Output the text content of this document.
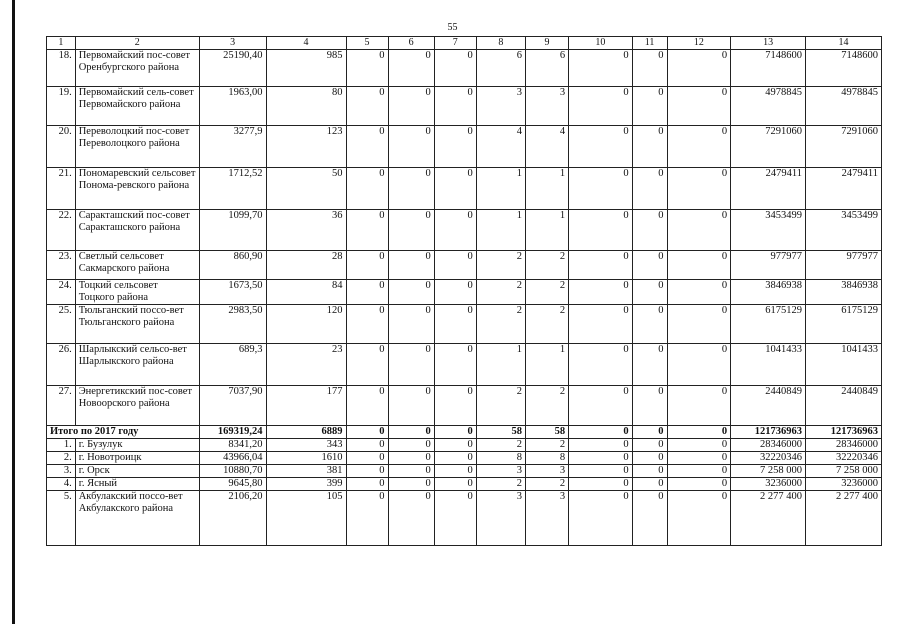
55
1	2	3	4	5	6	7	8	9	10	11	12	13	14
18.	Первомайский пос-совет Оренбургского района	25190,40	985	0	0	0	6	6	0	0	0	7148600	7148600
19.	Первомайский сель-совет Первомайского района	1963,00	80	0	0	0	3	3	0	0	0	4978845	4978845
20.	Переволоцкий пос-совет Переволоцкого района	3277,9	123	0	0	0	4	4	0	0	0	7291060	7291060
21.	Пономаревский сельсовет Понома-ревского района	1712,52	50	0	0	0	1	1	0	0	0	2479411	2479411
22.	Саракташский пос-совет Саракташского района	1099,70	36	0	0	0	1	1	0	0	0	3453499	3453499
23.	Светлый сельсовет Сакмарского района	860,90	28	0	0	0	2	2	0	0	0	977977	977977
24.	Тоцкий сельсовет Тоцкого района	1673,50	84	0	0	0	2	2	0	0	0	3846938	3846938
25.	Тюльганский поссо-вет Тюльганского района	2983,50	120	0	0	0	2	2	0	0	0	6175129	6175129
26.	Шарлыкский сельсо-вет Шарлыкского района	689,3	23	0	0	0	1	1	0	0	0	1041433	1041433
27.	Энергетикский пос-совет Новоорского района	7037,90	177	0	0	0	2	2	0	0	0	2440849	2440849
Итого по 2017 году		169319,24	6889	0	0	0	58	58	0	0	0	121736963	121736963
1.	г. Бузулук	8341,20	343	0	0	0	2	2	0	0	0	28346000	28346000
2.	г. Новотроицк	43966,04	1610	0	0	0	8	8	0	0	0	32220346	32220346
3.	г. Орск	10880,70	381	0	0	0	3	3	0	0	0	7 258 000	7 258 000
4.	г. Ясный	9645,80	399	0	0	0	2	2	0	0	0	3236000	3236000
5.	Акбулакский поссо-вет Акбулакского района	2106,20	105	0	0	0	3	3	0	0	0	2 277 400	2 277 400
